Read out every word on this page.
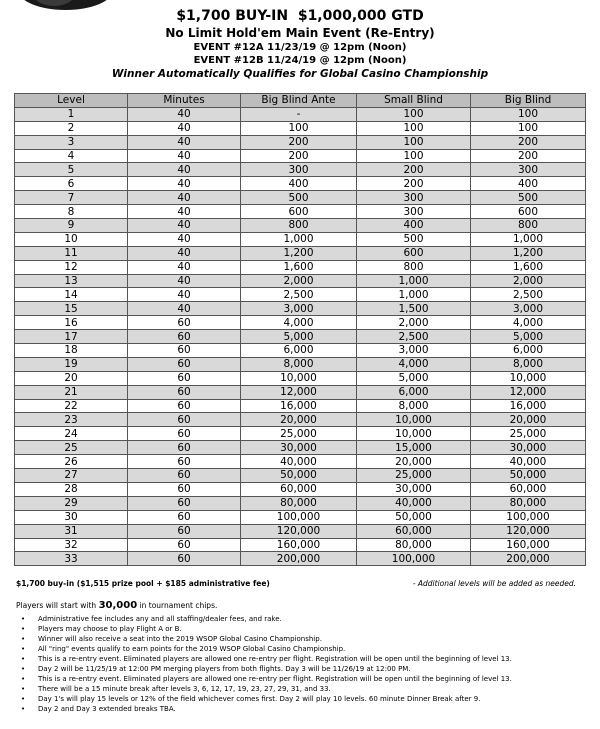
$1,700 BUY-IN $1,000,000 GTD
No Limit Hold'em Main Event (Re-Entry)
EVENT #12A 11/23/19 @ 12pm (Noon)
EVENT #12B 11/24/19 @ 12pm (Noon)
Winner Automatically Qualifies for Global Casino Championship
Level	Minutes	Big Blind Ante	Small Blind	Big Blind
1	40	-	100	100
2	40	100	100	100
3	40	200	100	200
4	40	200	100	200
5	40	300	200	300
6	40	400	200	400
7	40	500	300	500
8	40	600	300	600
9	40	800	400	800
10	40	1,000	500	1,000
11	40	1,200	600	1,200
12	40	1,600	800	1,600
13	40	2,000	1,000	2,000
14	40	2,500	1,000	2,500
15	40	3,000	1,500	3,000
16	60	4,000	2,000	4,000
17	60	5,000	2,500	5,000
18	60	6,000	3,000	6,000
19	60	8,000	4,000	8,000
20	60	10,000	5,000	10,000
21	60	12,000	6,000	12,000
22	60	16,000	8,000	16,000
23	60	20,000	10,000	20,000
24	60	25,000	10,000	25,000
25	60	30,000	15,000	30,000
26	60	40,000	20,000	40,000
27	60	50,000	25,000	50,000
28	60	60,000	30,000	60,000
29	60	80,000	40,000	80,000
30	60	100,000	50,000	100,000
31	60	120,000	60,000	120,000
32	60	160,000	80,000	160,000
33	60	200,000	100,000	200,000
$1,700 buy-in ($1,515 prize pool + $185 administrative fee)	- Additional levels will be added as needed.
Players will start with 30,000 in tournament chips.
• Administrative fee includes any and all staffing/dealer fees, and rake.
• Players may choose to play Flight A or B.
• Winner will also receive a seat into the 2019 WSOP Global Casino Championship.
• All "ring" events qualify to earn points for the 2019 WSOP Global Casino Championship.
• This is a re-entry event. Eliminated players are allowed one re-entry per flight. Registration will be open until the beginning of level 13.
• Day 2 will be 11/25/19 at 12:00 PM merging players from both flights. Day 3 will be 11/26/19 at 12:00 PM.
• This is a re-entry event. Eliminated players are allowed one re-entry per flight. Registration will be open until the beginning of level 13.
• There will be a 15 minute break after levels 3, 6, 12, 17, 19, 23, 27, 29, 31, and 33.
• Day 1's will play 15 levels or 12% of the field whichever comes first. Day 2 will play 10 levels. 60 minute Dinner Break after 9.
• Day 2 and Day 3 extended breaks TBA.
